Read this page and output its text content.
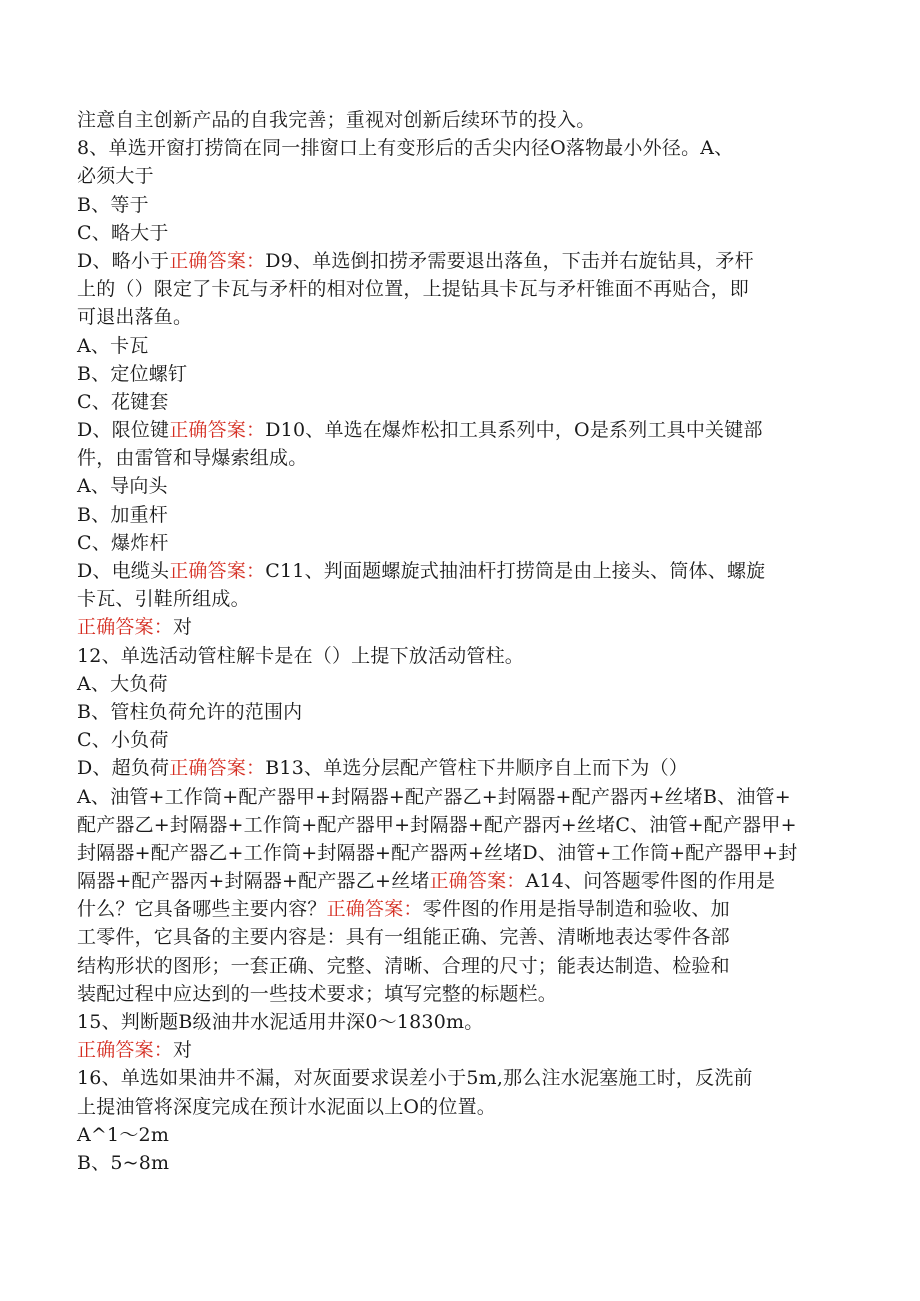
注意自主创新产品的自我完善；重视对创新后续环节的投入。
8、单选开窗打捞筒在同一排窗口上有变形后的舌尖内径O落物最小外径。A、
必须大于
B、等于
C、略大于
D、略小于正确答案：D9、单选倒扣捞矛需要退出落鱼，下击并右旋钻具，矛杆
上的（）限定了卡瓦与矛杆的相对位置，上提钻具卡瓦与矛杆锥面不再贴合，即
可退出落鱼。
A、卡瓦
B、定位螺钉
C、花键套
D、限位键正确答案：D10、单选在爆炸松扣工具系列中，O是系列工具中关键部
件，由雷管和导爆索组成。
A、导向头
B、加重杆
C、爆炸杆
D、电缆头正确答案：C11、判面题螺旋式抽油杆打捞筒是由上接头、筒体、螺旋
卡瓦、引鞋所组成。
正确答案：对
12、单选活动管柱解卡是在（）上提下放活动管柱。
A、大负荷
B、管柱负荷允许的范围内
C、小负荷
D、超负荷正确答案：B13、单选分层配产管柱下井顺序自上而下为（）
A、油管+工作筒+配产器甲+封隔器+配产器乙+封隔器+配产器丙+丝堵B、油管+
配产器乙+封隔器+工作筒+配产器甲+封隔器+配产器丙+丝堵C、油管+配产器甲+
封隔器+配产器乙+工作筒+封隔器+配产器两+丝堵D、油管+工作筒+配产器甲+封
隔器+配产器丙+封隔器+配产器乙+丝堵正确答案：A14、问答题零件图的作用是
什么？它具备哪些主要内容？正确答案：零件图的作用是指导制造和验收、加
工零件，它具备的主要内容是：具有一组能正确、完善、清晰地表达零件各部
结构形状的图形；一套正确、完整、清晰、合理的尺寸；能表达制造、检验和
装配过程中应达到的一些技术要求；填写完整的标题栏。
15、判断题B级油井水泥适用井深0～1830m。
正确答案：对
16、单选如果油井不漏，对灰面要求误差小于5m,那么注水泥塞施工时，反洗前
上提油管将深度完成在预计水泥面以上O的位置。
A^1～2m
B、5~8m
